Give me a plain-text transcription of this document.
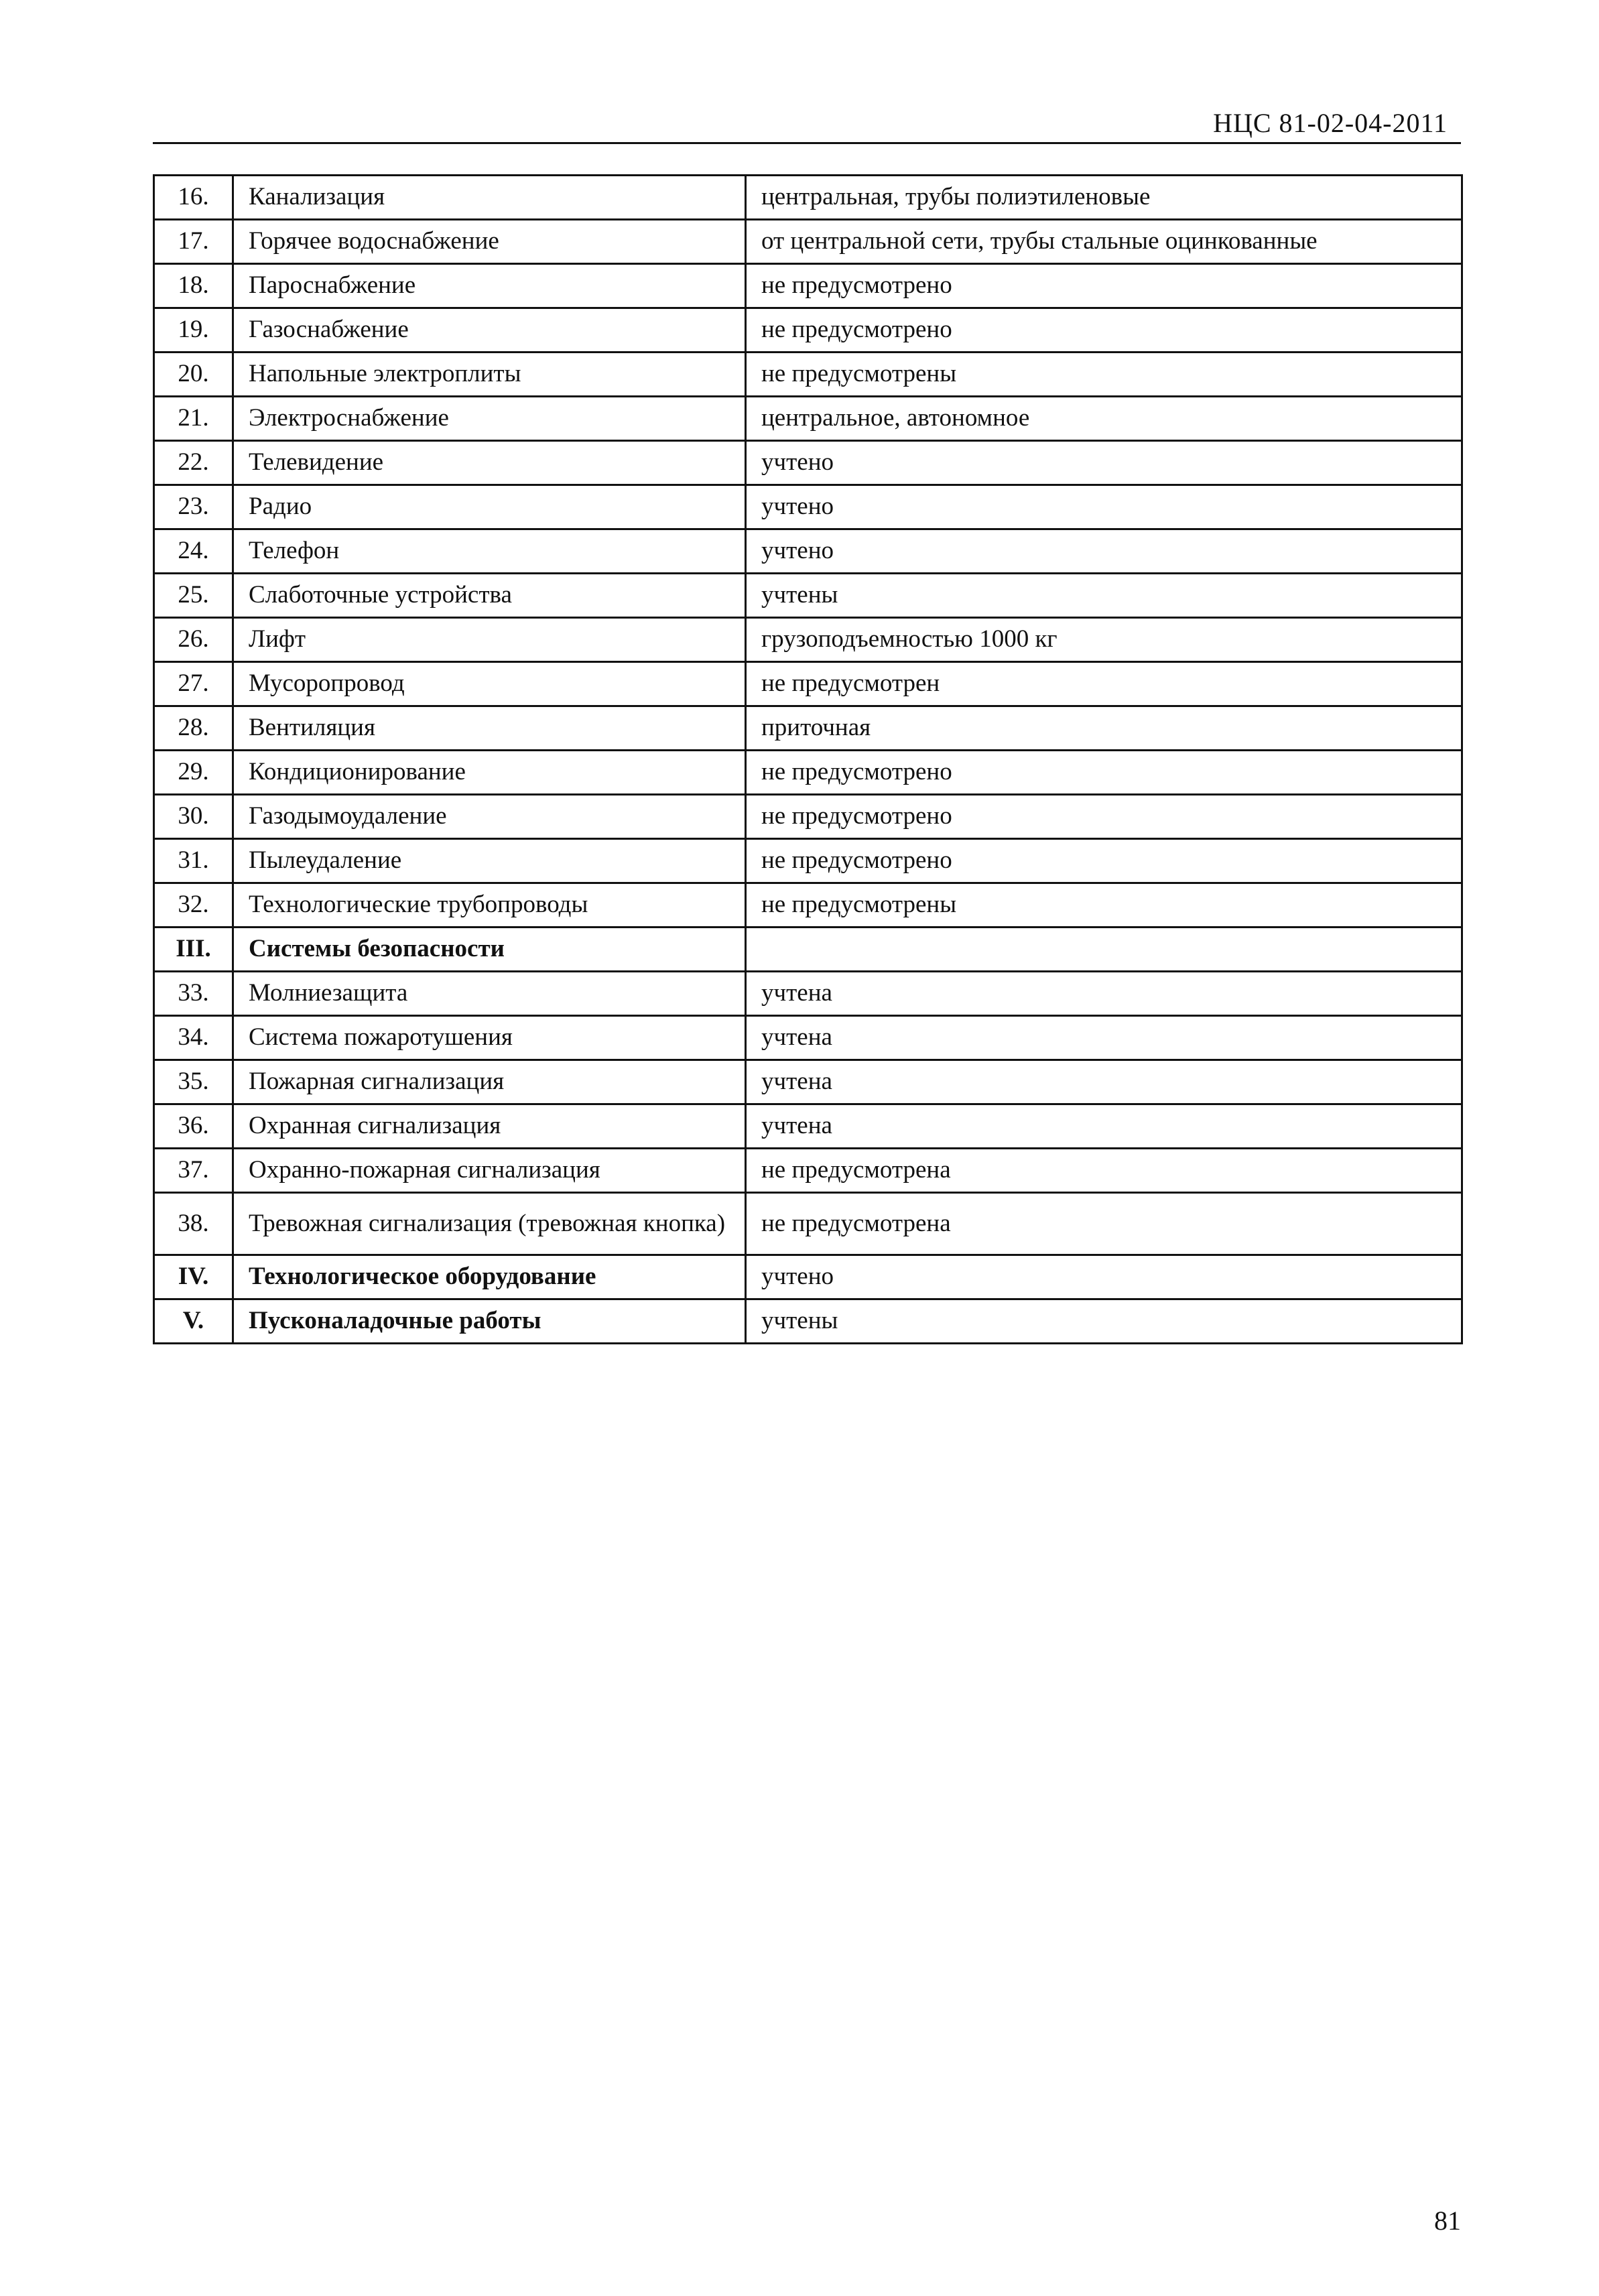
НЦС 81-02-04-2011
16.	Канализация	центральная, трубы полиэтиленовые
17.	Горячее водоснабжение	от центральной сети, трубы стальные оцинкованные
18.	Пароснабжение	не предусмотрено
19.	Газоснабжение	не предусмотрено
20.	Напольные электроплиты	не предусмотрены
21.	Электроснабжение	центральное, автономное
22.	Телевидение	учтено
23.	Радио	учтено
24.	Телефон	учтено
25.	Слаботочные устройства	учтены
26.	Лифт	грузоподъемностью 1000 кг
27.	Мусоропровод	не предусмотрен
28.	Вентиляция	приточная
29.	Кондиционирование	не предусмотрено
30.	Газодымоудаление	не предусмотрено
31.	Пылеудаление	не предусмотрено
32.	Технологические трубопроводы	не предусмотрены
III.	Системы безопасности	
33.	Молниезащита	учтена
34.	Система пожаротушения	учтена
35.	Пожарная сигнализация	учтена
36.	Охранная сигнализация	учтена
37.	Охранно-пожарная сигнализация	не предусмотрена
38.	Тревожная сигнализация (тревожная кнопка)	не предусмотрена
IV.	Технологическое оборудование	учтено
V.	Пусконаладочные работы	учтены
81
